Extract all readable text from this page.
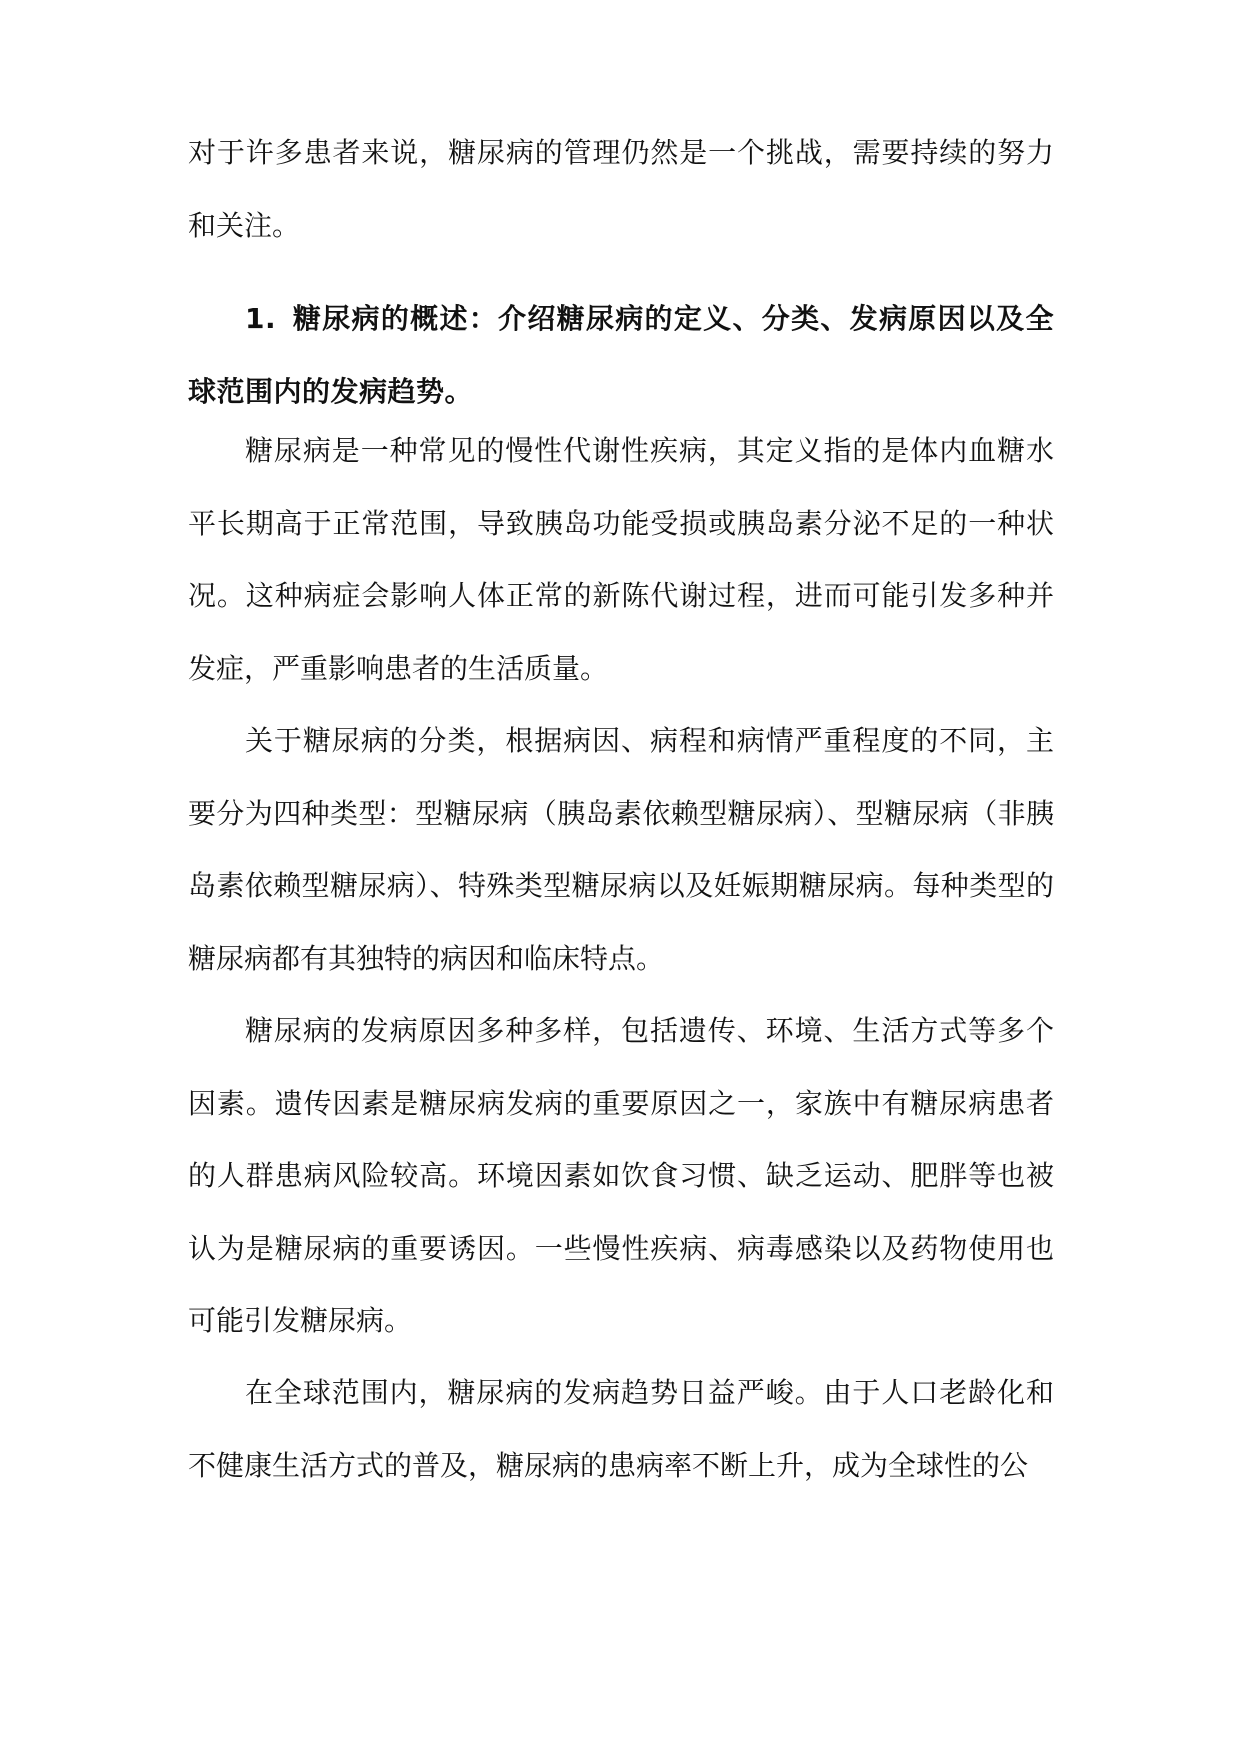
对于许多患者来说，糖尿病的管理仍然是一个挑战，需要持续的努力和关注。

1. 糖尿病的概述：介绍糖尿病的定义、分类、发病原因以及全球范围内的发病趋势。

糖尿病是一种常见的慢性代谢性疾病，其定义指的是体内血糖水平长期高于正常范围，导致胰岛功能受损或胰岛素分泌不足的一种状况。这种病症会影响人体正常的新陈代谢过程，进而可能引发多种并发症，严重影响患者的生活质量。

关于糖尿病的分类，根据病因、病程和病情严重程度的不同，主要分为四种类型：型糖尿病（胰岛素依赖型糖尿病）、型糖尿病（非胰岛素依赖型糖尿病）、特殊类型糖尿病以及妊娠期糖尿病。每种类型的糖尿病都有其独特的病因和临床特点。

糖尿病的发病原因多种多样，包括遗传、环境、生活方式等多个因素。遗传因素是糖尿病发病的重要原因之一，家族中有糖尿病患者的人群患病风险较高。环境因素如饮食习惯、缺乏运动、肥胖等也被认为是糖尿病的重要诱因。一些慢性疾病、病毒感染以及药物使用也可能引发糖尿病。

在全球范围内，糖尿病的发病趋势日益严峻。由于人口老龄化和不健康生活方式的普及，糖尿病的患病率不断上升，成为全球性的公
